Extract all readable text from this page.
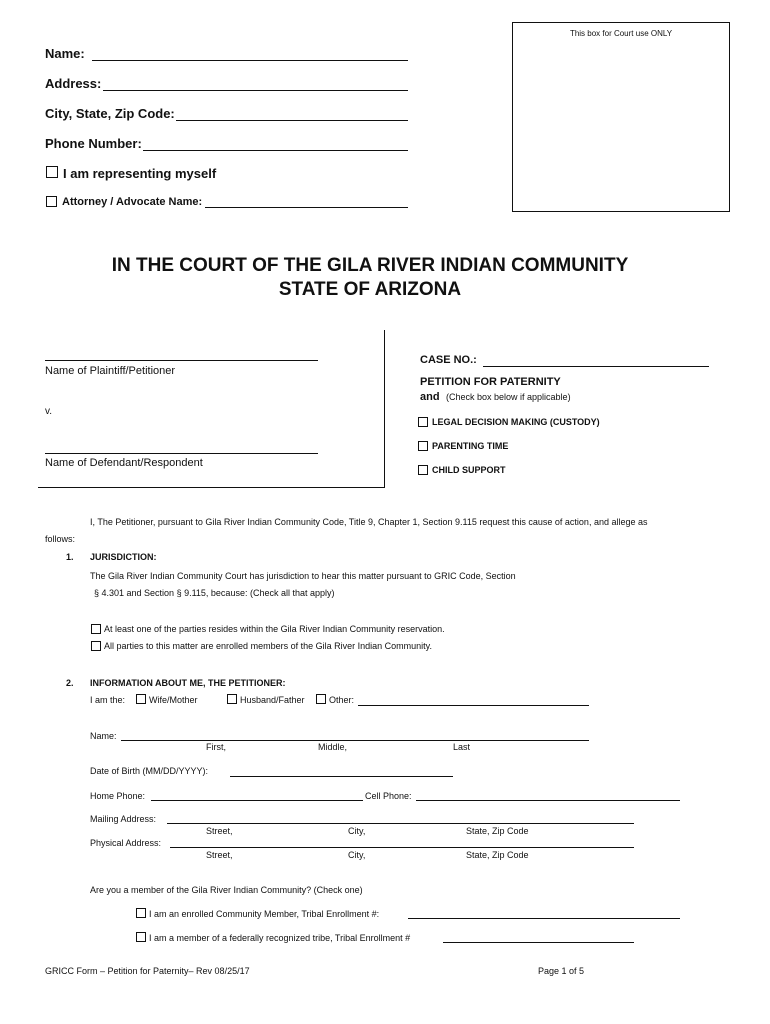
This box for Court use ONLY
Name:
Address:
City, State, Zip Code:
Phone Number:
I am representing myself
Attorney / Advocate Name:
IN THE COURT OF THE GILA RIVER INDIAN COMMUNITY
STATE OF ARIZONA
Name of Plaintiff/Petitioner
v.
Name of Defendant/Respondent
CASE NO.:
PETITION FOR PATERNITY
and (Check box below if applicable)
LEGAL DECISION MAKING (CUSTODY)
PARENTING TIME
CHILD SUPPORT
I, The Petitioner, pursuant to Gila River Indian Community Code, Title 9, Chapter 1, Section 9.115 request this cause of action, and allege as
follows:
1. JURISDICTION:
The Gila River Indian Community Court has jurisdiction to hear this matter pursuant to GRIC Code, Section
§ 4.301 and Section § 9.115, because: (Check all that apply)
At least one of the parties resides within the Gila River Indian Community reservation.
All parties to this matter are enrolled members of the Gila River Indian Community.
2. INFORMATION ABOUT ME, THE PETITIONER:
I am the:	Wife/Mother	Husband/Father	Other:
Name:
First,	Middle,	Last
Date of Birth (MM/DD/YYYY):
Home Phone:	Cell Phone:
Mailing Address:
Street,	City,	State, Zip Code
Physical Address:
Street,	City,	State, Zip Code
Are you a member of the Gila River Indian Community? (Check one)
I am an enrolled Community Member, Tribal Enrollment #:
I am a member of a federally recognized tribe, Tribal Enrollment #
GRICC Form – Petition for Paternity– Rev 08/25/17	Page 1 of 5
